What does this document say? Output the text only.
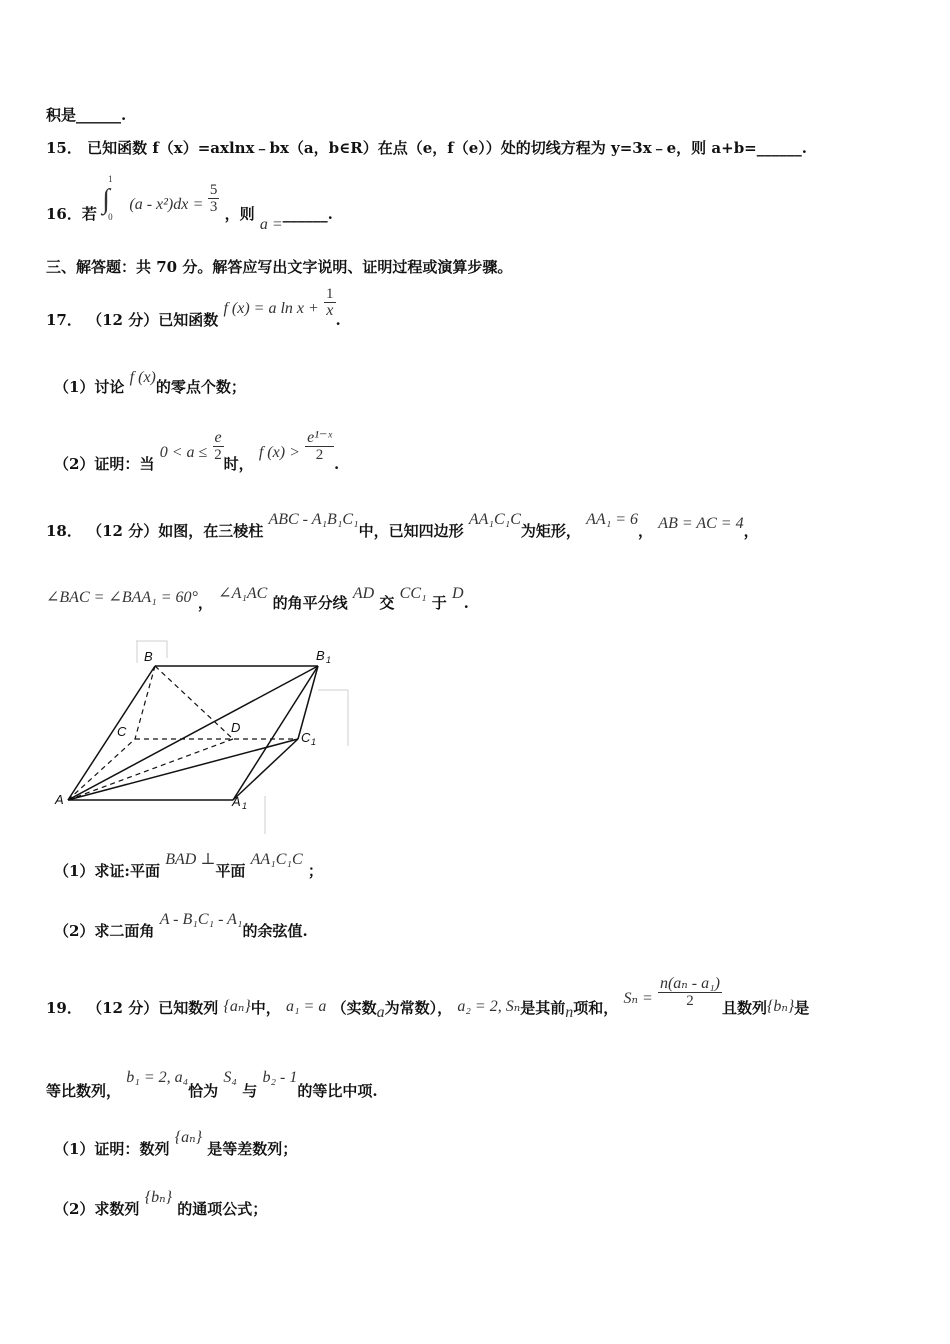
积是______.
15． 已知函数 f（x）=axlnx﹣bx（a，b∈R）在点（e，f（e））处的切线方程为 y=3x﹣e，则 a+b=______.
16．若
1
∫
0
$(a - x^2)dx = \frac{5}{3}$ ，则 a =______.
三、解答题：共 70 分。解答应写出文字说明、证明过程或演算步骤。
17． （12 分）已知函数 f (x) = a $\ln x + \frac{1}{x}$
.
（1）讨论 f (x)的零点个数；
（2）证明：当 $0 < a \le \frac{e}{2}$
时， f $(x) > \frac{\text{e¹⁻ˣ}}{2}$
.
18． （12 分）如图，在三棱柱 ABC - A₁B₁C₁中，已知四边形 AA₁C₁C为矩形， AA₁ = 6， AB = AC = 4，
∠BAC = ∠BAA₁ = 60°， ∠A₁AC 的角平分线 AD 交 CC₁ 于 D.
B	B 1
C	D
C 1
A	A 1
（1）求证:平面 BAD ⊥平面 AA₁C₁C ；
（2）求二面角 A - B₁C₁ - A₁的余弦值.
19． （12 分）已知数列 {aₙ}中， a₁ = a （实数a为常数）， a₂ = 2, Sₙ是其前n项和， $S_n = \frac{\text{n(aₙ - a₁)}}{2}$ 且数列{bₙ}是
等比数列， b₁ = 2, a₄恰为 S₄ 与 b₂ - 1的等比中项.
（1）证明：数列 {aₙ} 是等差数列；
（2）求数列 {bₙ} 的通项公式；
